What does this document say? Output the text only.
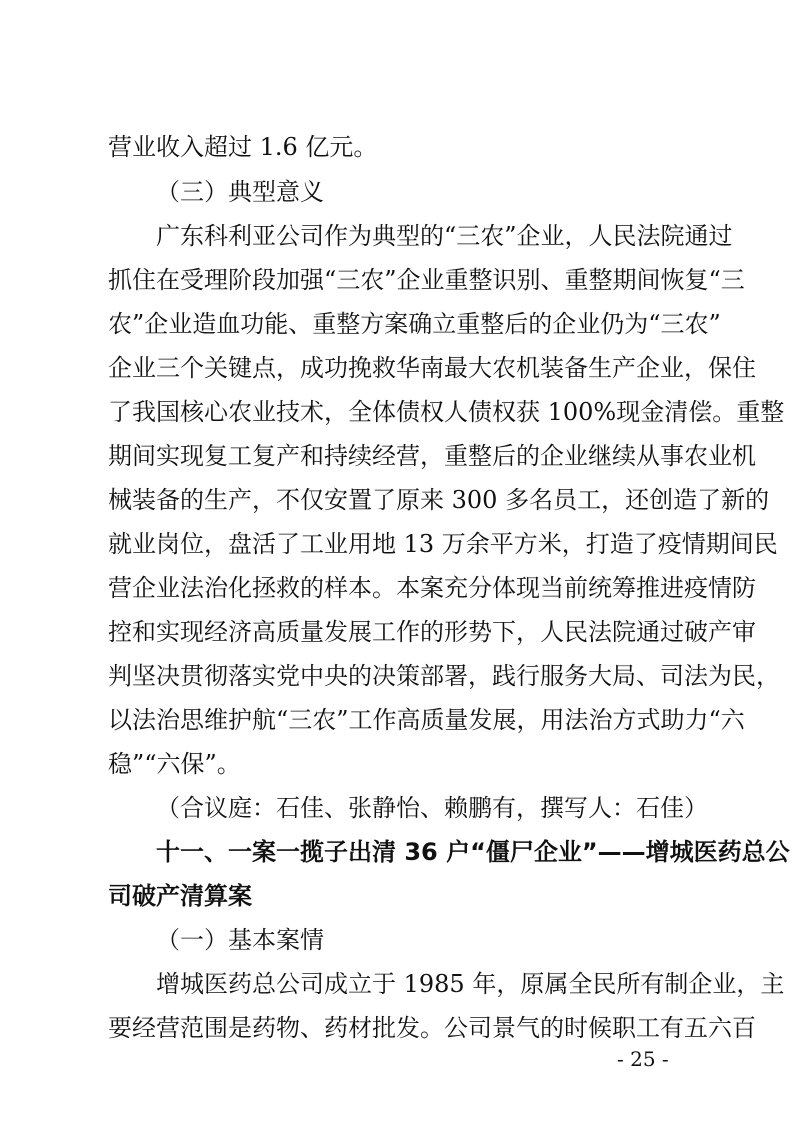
营业收入超过 1.6 亿元。
（三）典型意义
广东科利亚公司作为典型的“三农”企业，人民法院通过
抓住在受理阶段加强“三农”企业重整识别、重整期间恢复“三
农”企业造血功能、重整方案确立重整后的企业仍为“三农”
企业三个关键点，成功挽救华南最大农机装备生产企业，保住
了我国核心农业技术，全体债权人债权获 100%现金清偿。重整
期间实现复工复产和持续经营，重整后的企业继续从事农业机
械装备的生产，不仅安置了原来 300 多名员工，还创造了新的
就业岗位，盘活了工业用地 13 万余平方米，打造了疫情期间民
营企业法治化拯救的样本。本案充分体现当前统筹推进疫情防
控和实现经济高质量发展工作的形势下，人民法院通过破产审
判坚决贯彻落实党中央的决策部署，践行服务大局、司法为民，
以法治思维护航“三农”工作高质量发展，用法治方式助力“六
稳”“六保”。
（合议庭：石佳、张静怡、赖鹏有，撰写人：石佳）
十一、一案一揽子出清 36 户“僵尸企业”——增城医药总公
司破产清算案
（一）基本案情
增城医药总公司成立于 1985 年，原属全民所有制企业，主
要经营范围是药物、药材批发。公司景气的时候职工有五六百
- 25 -
